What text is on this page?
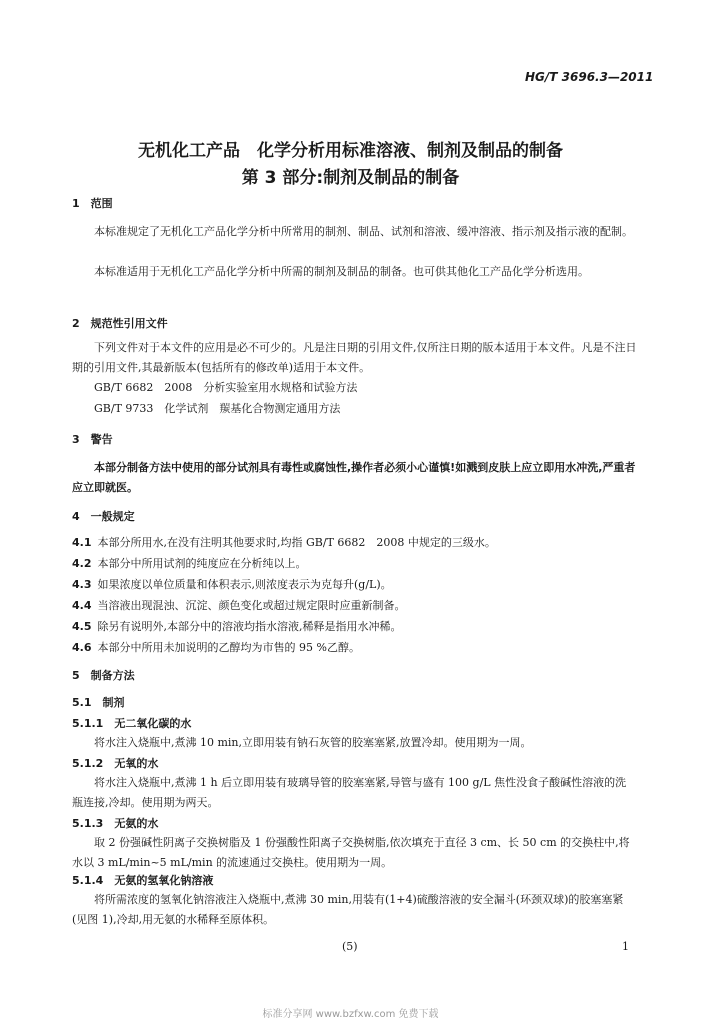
HG/T 3696.3—2011
无机化工产品　化学分析用标准溶液、制剂及制品的制备
第 3 部分:制剂及制品的制备
1　范围

本标准规定了无机化工产品化学分析中所常用的制剂、制品、试剂和溶液、缓冲溶液、指示剂及指示液的配制。

本标准适用于无机化工产品化学分析中所需的制剂及制品的制备。也可供其他化工产品化学分析选用。

2　规范性引用文件

下列文件对于本文件的应用是必不可少的。凡是注日期的引用文件,仅所注日期的版本适用于本文件。凡是不注日期的引用文件,其最新版本(包括所有的修改单)适用于本文件。

GB/T 6682　2008　分析实验室用水规格和试验方法
GB/T 9733　化学试剂　羰基化合物测定通用方法
3　警告

本部分制备方法中使用的部分试剂具有毒性或腐蚀性,操作者必须小心谨慎!如溅到皮肤上应立即用水冲洗,严重者应立即就医。

4　一般规定
4.1 本部分所用水,在没有注明其他要求时,均指 GB/T 6682　2008 中规定的三级水。
4.2 本部分中所用试剂的纯度应在分析纯以上。
4.3 如果浓度以单位质量和体积表示,则浓度表示为克每升(g/L)。
4.4 当溶液出现混浊、沉淀、颜色变化或超过规定限时应重新制备。
4.5 除另有说明外,本部分中的溶液均指水溶液,稀释是指用水冲稀。
4.6 本部分中所用未加说明的乙醇均为市售的 95 %乙醇。
5　制备方法
5.1　制剂
5.1.1　无二氧化碳的水

将水注入烧瓶中,煮沸 10 min,立即用装有钠石灰管的胶塞塞紧,放置冷却。使用期为一周。

5.1.2　无氧的水

将水注入烧瓶中,煮沸 1 h 后立即用装有玻璃导管的胶塞塞紧,导管与盛有 100 g/L 焦性没食子酸碱性溶液的洗瓶连接,冷却。使用期为两天。

5.1.3　无氨的水

取 2 份强碱性阴离子交换树脂及 1 份强酸性阳离子交换树脂,依次填充于直径 3 cm、长 50 cm 的交换柱中,将水以 3 mL/min~5 mL/min 的流速通过交换柱。使用期为一周。

5.1.4　无氨的氢氧化钠溶液

将所需浓度的氢氧化钠溶液注入烧瓶中,煮沸 30 min,用装有(1+4)硫酸溶液的安全漏斗(环颈双球)的胶塞塞紧(见图 1),冷却,用无氨的水稀释至原体积。

(5)	1
标准分享网 www.bzfxw.com 免费下载
